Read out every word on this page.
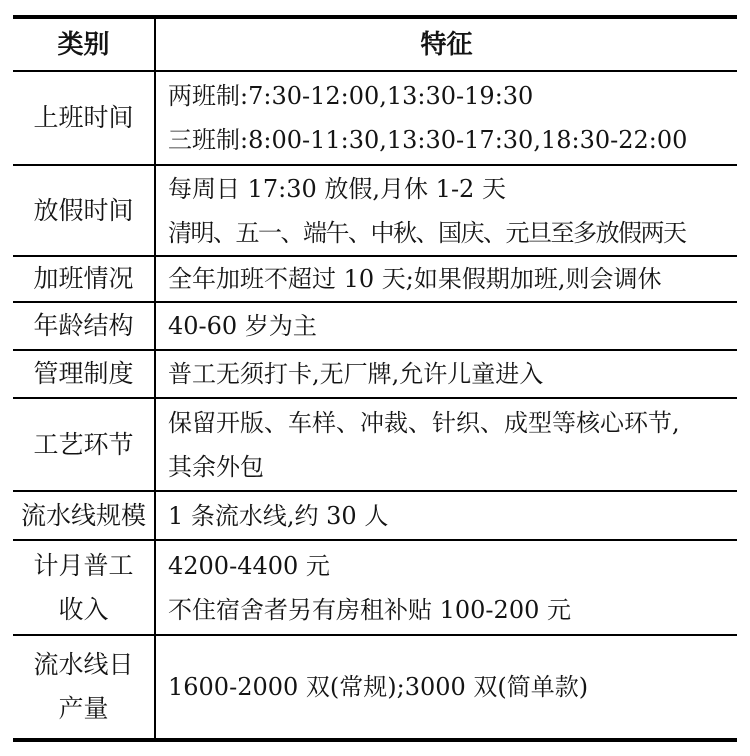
类别	特征
上班时间
两班制:7:30-12:00,13:30-19:30
三班制:8:00-11:30,13:30-17:30,18:30-22:00
放假时间
每周日 17:30 放假,月休 1-2 天
清明、五一、端午、中秋、国庆、元旦至多放假两天
加班情况 全年加班不超过 10 天;如果假期加班,则会调休
年龄结构 40-60 岁为主
管理制度 普工无须打卡,无厂牌,允许儿童进入
工艺环节
保留开版、车样、冲裁、针织、成型等核心环节,
其余外包
流水线规模 1 条流水线,约 30 人
计月普工
收入
4200-4400 元
不住宿舍者另有房租补贴 100-200 元
流水线日
产量
1600-2000 双(常规);3000 双(简单款)
